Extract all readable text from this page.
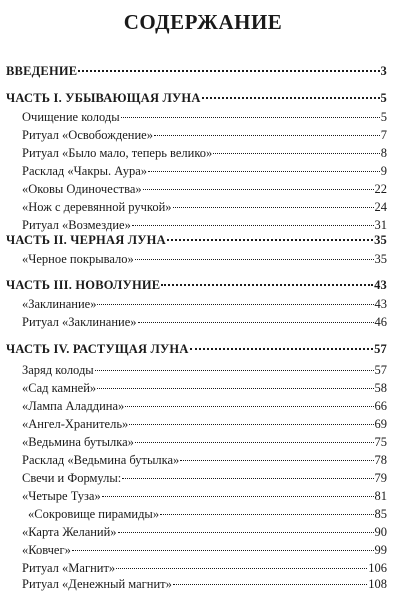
СОДЕРЖАНИЕ
ВВЕДЕНИЕ	3
ЧАСТЬ I. УБЫВАЮЩАЯ ЛУНА	5
Очищение колоды	5
Ритуал «Освобождение»	7
Ритуал «Было мало, теперь велико»	8
Расклад «Чакры. Аура»	9
«Оковы Одиночества»	22
«Нож с деревянной ручкой»	24
Ритуал «Возмездие»	31
ЧАСТЬ II. ЧЕРНАЯ ЛУНА	35
«Черное покрывало»	35
ЧАСТЬ III. НОВОЛУНИЕ	43
«Заклинание»	43
Ритуал «Заклинание»	46
ЧАСТЬ IV. РАСТУЩАЯ ЛУНА	57
Заряд колоды	57
«Сад камней»	58
«Лампа Аладдина»	66
«Ангел-Хранитель»	69
«Ведьмина бутылка»	75
Расклад «Ведьмина бутылка»	78
Свечи и Формулы:	79
«Четыре Туза»	81
«Сокровище пирамиды»	85
«Карта Желаний»	90
«Ковчег»	99
Ритуал «Магнит»	106
Ритуал «Денежный магнит»	108
